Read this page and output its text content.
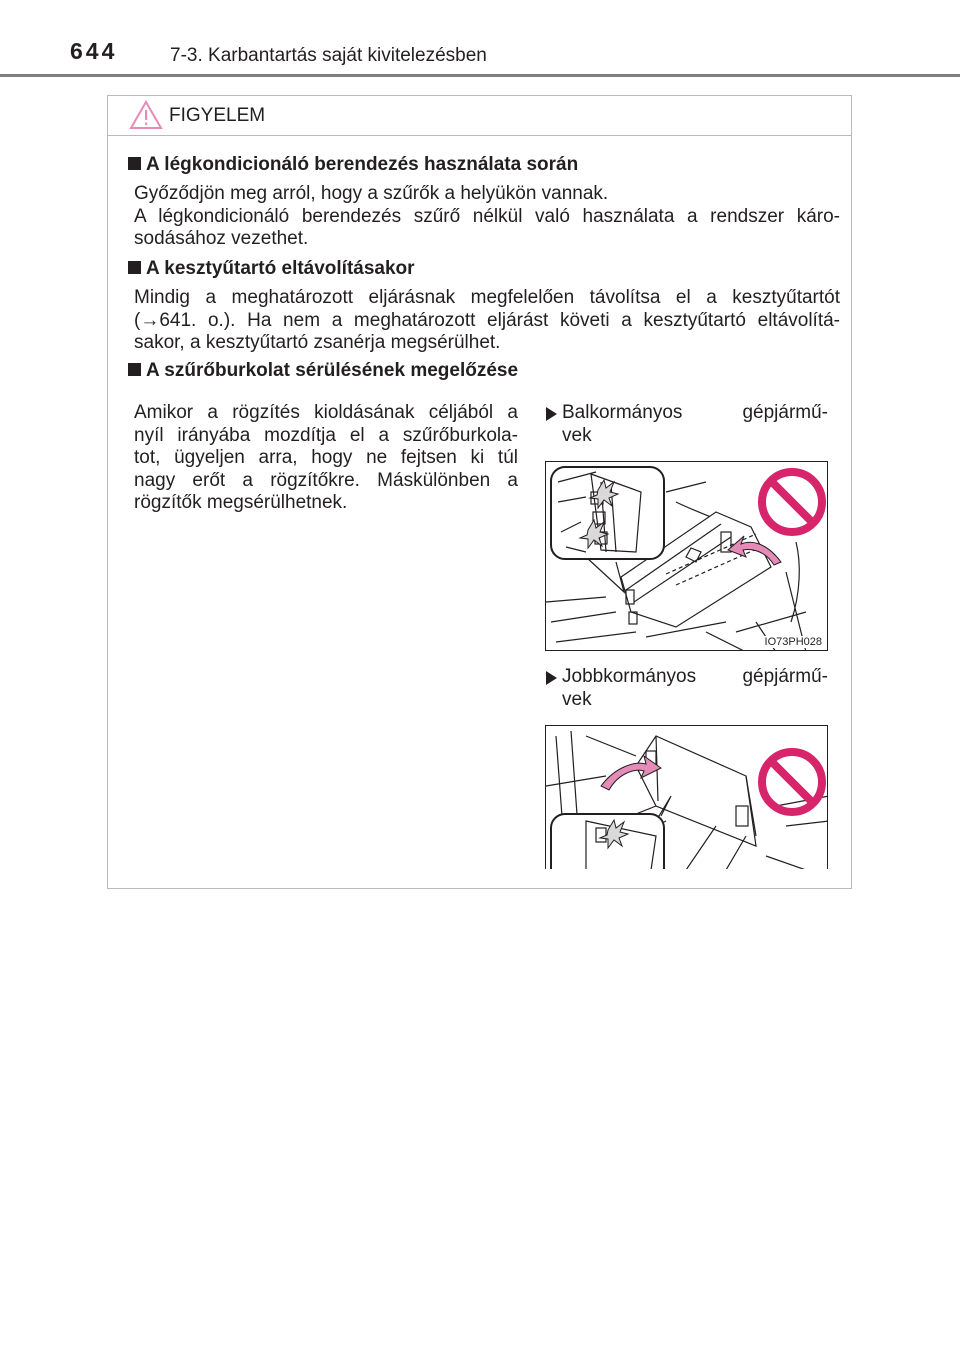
644	7-3. Karbantartás saját kivitelezésben
FIGYELEM
A légkondicionáló berendezés használata során
Győződjön meg arról, hogy a szűrők a helyükön vannak.
A légkondicionáló berendezés szűrő nélkül való használata a rendszer káro-
sodásához vezethet.
A kesztyűtartó eltávolításakor
Mindig a meghatározott eljárásnak megfelelően távolítsa el a kesztyűtartót
(→641. o.). Ha nem a meghatározott eljárást követi a kesztyűtartó eltávolítá-
sakor, a kesztyűtartó zsanérja megsérülhet.
A szűrőburkolat sérülésének megelőzése
Amikor a rögzítés kioldásának céljából a
nyíl irányába mozdítja el a szűrőburkola-
tot, ügyeljen arra, hogy ne fejtsen ki túl
nagy erőt a rögzítőkre. Máskülönben a
rögzítők megsérülhetnek.
Balkormányos gépjármű-
vek
IO73PH028
Jobbkormányos gépjármű-
vek
